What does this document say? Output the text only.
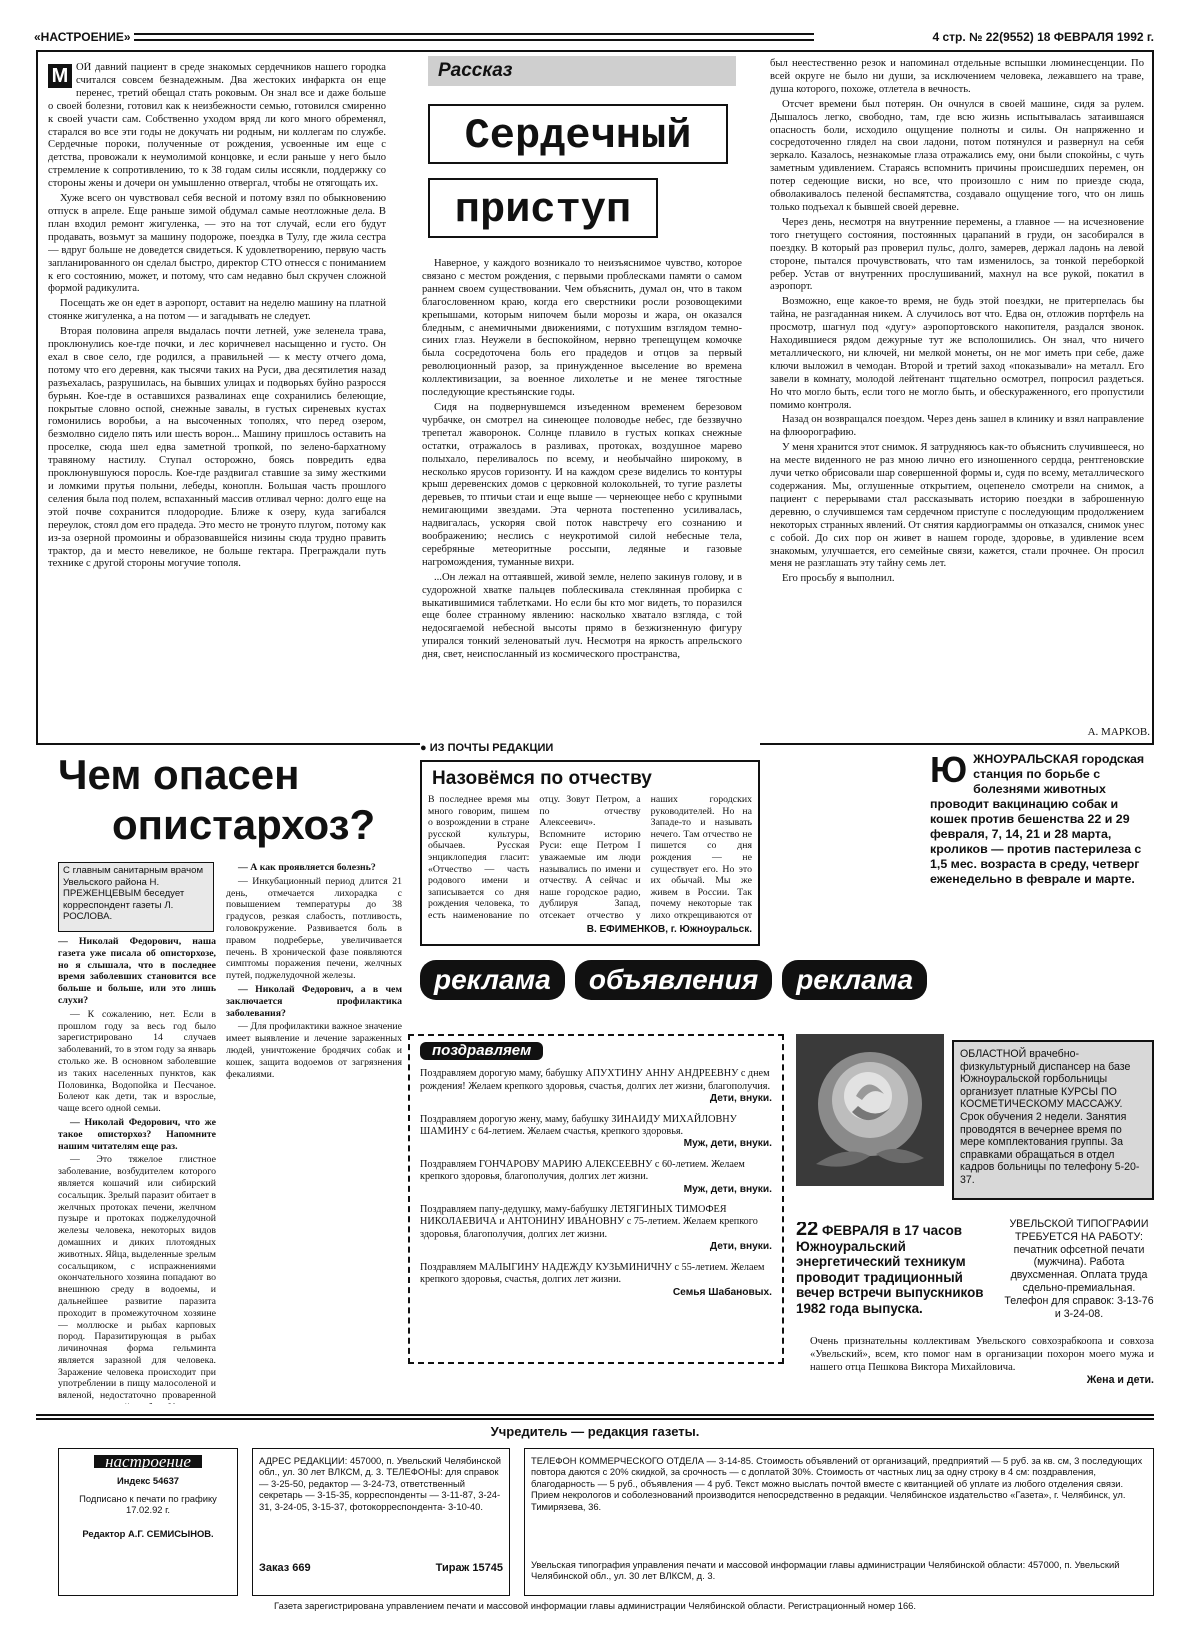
«НАСТРОЕНИЕ»	4 стр. № 22(9552) 18 ФЕВРАЛЯ 1992 г.
М ОЙ давний пациент в среде знакомых сердечников нашего городка считался совсем безнадежным. Два жестоких инфаркта он еще перенес, третий обещал стать роковым. Он знал все и даже больше о своей болезни, готовил как к неизбежности семью, готовился смиренно к своей участи сам. Собственно уходом вряд ли кого много обременял, старался во все эти годы не докучать ни родным, ни коллегам по службе. Сердечные пороки, полученные от рождения, усвоенные им еще с детства, провожали к неумолимой концовке, и если раньше у него было стремление к сопротивлению, то к 38 годам силы иссякли, поддержку со стороны жены и дочери он умышленно отвергал, чтобы не отягощать их.

Хуже всего он чувствовал себя весной и потому взял по обыкновению отпуск в апреле. Еще раньше зимой обдумал самые неотложные дела. В план входил ремонт жигуленка, — это на тот случай, если его будут продавать, возьмут за машину подороже, поездка в Тулу, где жила сестра — вдруг больше не доведется свидеться. К удовлетворению, первую часть запланированного он сделал быстро, директор СТО отнесся с пониманием к его состоянию, может, и потому, что сам недавно был скручен сложной формой радикулита.

Посещать же он едет в аэропорт, оставит на неделю машину на платной стоянке жигуленка, а на потом — и загадывать не следует.

Вторая половина апреля выдалась почти летней, уже зеленела трава, проклюнулись кое-где почки, и лес коричневел насыщенно и густо. Он ехал в свое село, где родился, а правильней — к месту отчего дома, потому что его деревня, как тысячи таких на Руси, два десятилетия назад разъехалась, разрушилась, на бывших улицах и подворьях буйно разросся бурьян. Кое-где в оставшихся развалинах еще сохранились белеющие, покрытые словно оспой, снежные завалы, в густых сиреневых кустах гомонились воробьи, а на высоченных тополях, что перед озером, безмолвно сидело пять или шесть ворон... Машину пришлось оставить на проселке, сюда шел едва заметной тропкой, по зелено-бархатному травяному настилу. Ступал осторожно, боясь повредить едва проклюнувшуюся поросль. Кое-где раздвигал ставшие за зиму жесткими и ломкими прутья полыни, лебеды, коноплн. Большая часть прошлого селения была под полем, вспаханный массив отливал черно: долго еще на этой почве сохранится плодородие. Ближе к озеру, куда загибался переулок, стоял дом его прадеда. Это место не тронуто плугом, потому как из-за озерной промоины и образовавшейся низины сюда трудно править трактор, да и место невеликое, не больше гектара. Преграждали путь технике с другой стороны могучие тополя.

Рассказ
Сердечный
приступ

Наверное, у каждого возникало то неизъяснимое чувство, которое связано с местом рождения, с первыми проблесками памяти о самом раннем своем существовании. Чем объяснить, думал он, что в таком благословенном краю, когда его сверстники росли розовощекими крепышами, которым нипочем были морозы и жара, он оказался бледным, с анемичными движениями, с потухшим взглядом темно-синих глаз. Неужели в беспокойном, нервно трепещущем комочке была сосредоточена боль его прадедов и отцов за первый революционный разор, за принужденное выселение во времена коллективизации, за военное лихолетье и не менее тягостные последующие крестьянские годы.

Сидя на подвернувшемся изъеденном временем березовом чурбачке, он смотрел на синеющее половодье небес, где беззвучно трепетал жаворонок. Солнце плавило в густых копках снежные остатки, отражалось в разливах, протоках, воздушное марево полыхало, переливалось по всему, и необычайно широкому, в несколько ярусов горизонту. И на каждом срезе виделись то контуры крыш деревенских домов с церковной колокольней, то тугие разлеты деревьев, то птичьи стаи и еще выше — чернеющее небо с крупными немигающими звездами. Эта чернота постепенно усиливалась, надвигалась, ускоряя свой поток навстречу его сознанию и воображению; неслись с неукротимой силой небесные тела, серебряные метеоритные россыпи, ледяные и газовые нагромождения, туманные вихри.

...Он лежал на оттаявшей, живой земле, нелепо закинув голову, и в судорожной хватке пальцев поблескивала стеклянная пробирка с выкатившимися таблетками. Но если бы кто мог видеть, то поразился еще более странному явлению: насколько хватало взгляда, с той недосягаемой небесной высоты прямо в безжизненную фигуру упирался тонкий зеленоватый луч. Несмотря на яркость апрельского дня, свет, неиспосланный из космического пространства,

был неестественно резок и напоминал отдельные вспышки люминесценции. По всей округе не было ни души, за исключением человека, лежавшего на траве, душа которого, похоже, отлетела в вечность.

Отсчет времени был потерян. Он очнулся в своей машине, сидя за рулем. Дышалось легко, свободно, там, где всю жизнь испытывалась затаившаяся опасность боли, исходило ощущение полноты и силы. Он напряженно и сосредоточенно глядел на свои ладони, потом потянулся и развернул на себя зеркало. Казалось, незнакомые глаза отражались ему, они были спокойны, с чуть заметным удивлением. Стараясь вспомнить причины происшедших перемен, он потер седеющие виски, но все, что произошло с ним по приезде сюда, обволакивалось пеленой беспамятства, создавало ощущение того, что он лишь только подъехал к бывшей своей деревне.

Через день, несмотря на внутренние перемены, а главное — на исчезновение того гнетущего состояния, постоянных царапаний в груди, он засобирался в поездку. В который раз проверил пульс, долго, замерев, держал ладонь на левой стороне, пытался прочувствовать, что там изменилось, за тонкой переборкой ребер. Устав от внутренних прослушиваний, махнул на все рукой, покатил в аэропорт.

Возможно, еще какое-то время, не будь этой поездки, не притерпелась бы тайна, не разгаданная никем. А случилось вот что. Едва он, отложив портфель на просмотр, шагнул под «дугу» аэропортовского накопителя, раздался звонок. Находившиеся рядом дежурные тут же всполошились. Он знал, что ничего металлического, ни ключей, ни мелкой монеты, он не мог иметь при себе, даже ключи выложил в чемодан. Второй и третий заход «показывали» на металл. Его завели в комнату, молодой лейтенант тщательно осмотрел, попросил раздеться. Но что могло быть, если того не могло быть, и обескураженного, его пропустили помимо контроля.

Назад он возвращался поездом. Через день зашел в клинику и взял направление на флюорографию.

У меня хранится этот снимок. Я затрудняюсь как-то объяснить случившееся, но на месте виденного не раз мною лично его изношенного сердца, рентгеновские лучи четко обрисовали шар совершенной формы и, судя по всему, металлического содержания. Мы, оглушенные открытием, оцепенело смотрели на снимок, а пациент с перерывами стал рассказывать историю поездки в заброшенную деревню, о случившемся там сердечном приступе с последующим продолжением некоторых странных явлений. От снятия кардиограммы он отказался, снимок унес с собой. До сих пор он живет в нашем городе, здоровье, в удивление всем знакомым, улучшается, его семейные связи, кажется, стали прочнее. Он просил меня не разглашать эту тайну семь лет.

Его просьбу я выполнил.

А. МАРКОВ.
Чем опасен
опистархоз?
С главным санитарным врачом Увельского района Н. ПРЕЖЕНЦЕВЫМ беседует корреспондент газеты Л. РОСЛОВА.

— Николай Федорович, наша газета уже писала об описторхозе, но я слышала, что в последнее время заболевших становится все больше и больше, или это лишь слухи?

— К сожалению, нет. Если в прошлом году за весь год было зарегистрировано 14 случаев заболеваний, то в этом году за январь столько же. В основном заболевшие из таких населенных пунктов, как Половинка, Водопойка и Песчаное. Болеют как дети, так и взрослые, чаще всего одной семьи.

— Николай Федорович, что же такое описторхоз? Напомните нашим читателям еще раз.

— Это тяжелое глистное заболевание, возбудителем которого является кошачий или сибирский сосальщик. Зрелый паразит обитает в желчных протоках печени, желчном пузыре и протоках поджелудочной железы человека, некоторых видов домашних и диких плотоядных животных. Яйца, выделенные зрелым сосальщиком, с испражнениями окончательного хозяина попадают во внешнюю среду в водоемы, и дальнейшее развитие паразита проходит в промежуточном хозяине — моллюске и рыбах карповых пород. Паразитирующая в рыбах личиночная форма гельминта является заразной для человека. Заражение человека происходит при употреблении в пищу малосоленой и вяленой, недостаточно проваренной

— А как проявляется болезнь?

— Инкубационный период длится 21 день, отмечается лихорадка с повышением температуры до 38 градусов, резкая слабость, потливость, головокружение. Развивается боль в правом подреберье, увеличивается печень. В хронической фазе появляются симптомы поражения печени, желчных путей, поджелудочной железы.

— Николай Федорович, а в чем заключается профилактика заболевания?

— Для профилактики важное значение имеет выявление и лечение зараженных людей, уничтожение бродячих собак и кошек, защита водоемов от загрязнения фекалиями.

● ИЗ ПОЧТЫ РЕДАКЦИИ
Назовёмся по отчеству
В последнее время мы много говорим, пишем о возрождении в стране русской культуры, обычаев. Русская энциклопедия гласит: «Отчество — часть родового имени и записывается со дня рождения человека, то есть наименование по отцу. Зовут Петром, а по отчеству Алексеевич». Вспомните историю Руси: еще Петром I уважаемые им люди назывались по имени и отчеству. А сейчас и наше городское радио, дублируя Запад, отсекает отчество у наших городских руководителей. Но на Западе-то и называть нечего. Там отчество не пишется со дня рождения — не существует его. Но это их обычай. Мы же живем в России. Так почему некоторые так лихо открещиваются от
В. ЕФИМЕНКОВ, г. Южноуральск.
Ю ЖНОУРАЛЬСКАЯ городская станция по борьбе с болезнями животных проводит вакцинацию собак и кошек против бешенства 22 и 29 февраля, 7, 14, 21 и 28 марта, кроликов — против пастерилеза с 1,5 мес. возраста в среду, четверг еженедельно в феврале и марте.
реклама объявления реклама
поздравляем
Поздравляем дорогую маму, бабушку АПУХТИНУ АННУ АНДРЕЕВНУ с днем рождения! Желаем крепкого здоровья, счастья, долгих лет жизни, благополучия.
Дети, внуки.
Поздравляем дорогую жену, маму, бабушку ЗИНАИДУ МИХАЙЛОВНУ ШАМИНУ с 64-летием. Желаем счастья, крепкого здоровья.
Муж, дети, внуки.
Поздравляем ГОНЧАРОВУ МАРИЮ АЛЕКСЕЕВНУ с 60-летием. Желаем крепкого здоровья, благополучия, долгих лет жизни.
Муж, дети, внуки.
Поздравляем папу-дедушку, маму-бабушку ЛЕТЯГИНЫХ ТИМОФЕЯ НИКОЛАЕВИЧА и АНТОНИНУ ИВАНОВНУ с 75-летием. Желаем крепкого здоровья, благополучия, долгих лет жизни.
Дети, внуки.
Поздравляем МАЛЫГИНУ НАДЕЖДУ КУЗЬМИНИЧНУ с 55-летием. Желаем крепкого здоровья, счастья, долгих лет жизни.
Семья Шабановых.
ОБЛАСТНОЙ врачебно-физкультурный диспансер на базе Южноуральской горбольницы организует платные КУРСЫ ПО КОСМЕТИЧЕСКОМУ МАССАЖУ. Срок обучения 2 недели. Занятия проводятся в вечернее время по мере комплектования группы. За справками обращаться в отдел кадров больницы по телефону 5-20-37.
22 ФЕВРАЛЯ в 17 часов Южноуральский энергетический техникум проводит традиционный вечер встречи выпускников 1982 года выпуска.
УВЕЛЬСКОЙ ТИПОГРАФИИ
ТРЕБУЕТСЯ НА РАБОТУ:
печатник офсетной печати (мужчина). Работа двухсменная. Оплата труда сдельно-премиальная.
Телефон для справок: 3-13-76 и 3-24-08.
Очень признательны коллективам Увельского совхозрабкоопа и совхоза «Увельский», всем, кто помог нам в организации похорон моего мужа и нашего отца Пешкова Виктора Михайловича.
Жена и дети.
Учредитель — редакция газеты.
настроение
Индекс 54637
Подписано к печати по графику 17.02.92 г.
Редактор А.Г. СЕМИСЫНОВ.
АДРЕС РЕДАКЦИИ: 457000, п. Увельский Челябинской обл., ул. 30 лет ВЛКСМ, д. 3. ТЕЛЕФОНЫ: для справок — 3-25-50, редактор — 3-24-73, ответственный секретарь — 3-15-35, корреспонденты — 3-11-87, 3-24-31, 3-24-05, 3-15-37, фотокорреспондента- 3-10-40.
Заказ 669	Тираж 15745
ТЕЛЕФОН КОММЕРЧЕСКОГО ОТДЕЛА — 3-14-85. Стоимость объявлений от организаций, предприятий — 5 руб. за кв. см, 3 последующих повтора даются с 20% скидкой, за срочность — с доплатой 30%. Стоимость от частных лиц за одну строку в 4 см: поздравления, благодарность — 5 руб., объявления — 4 руб. Текст можно выслать почтой вместе с квитанцией об уплате из любого отделения связи. Прием некрологов и соболезнований производится непосредственно в редакции. Челябинское издательство «Газета», г. Челябинск, ул. Тимирязева, 36.
Увельская типография управления печати и массовой информации главы администрации Челябинской области: 457000, п. Увельский Челябинской обл., ул. 30 лет ВЛКСМ, д. 3.
Газета зарегистрирована управлением печати и массовой информации главы администрации Челябинской области. Регистрационный номер 166.
